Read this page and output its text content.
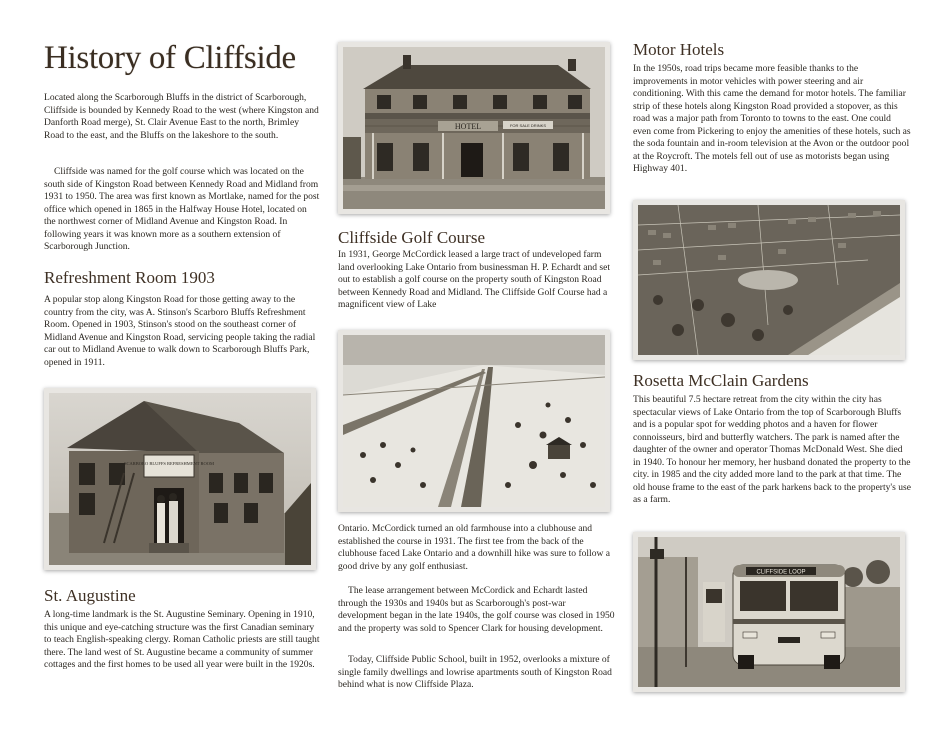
History of Cliffside

Located along the Scarborough Bluffs in the district of Scarborough, Cliffside is bounded by Kennedy Road to the west (where Kingston and Danforth Road merge), St. Clair Avenue East to the north, Brimley Road to the east, and the Bluffs on the lakeshore to the south.

Cliffside was named for the golf course which was located on the south side of Kingston Road between Kennedy Road and Midland from 1931 to 1950. The area was first known as Mortlake, named for the post office which opened in 1865 in the Halfway House Hotel, located on the northwest corner of Midland Avenue and Kingston Road. In following years it was known more as a southern extension of Scarborough Junction.

Refreshment Room 1903

A popular stop along Kingston Road for those getting away to the country from the city, was A. Stinson's Scarboro Bluffs Refreshment Room. Opened in 1903, Stinson's stood on the southeast corner of Midland Avenue and Kingston Road, servicing people taking the radial car out to Midland Avenue to walk down to Scarborough Bluffs Park, opened in 1911.

SCARBORO BLUFFS REFRESHMENT ROOM
St. Augustine

A long-time landmark is the St. Augustine Seminary. Opening in 1910, this unique and eye-catching structure was the first Canadian seminary to teach English-speaking clergy. Roman Catholic priests are still taught there. The land west of St. Augustine became a community of summer cottages and the first homes to be used all year were built in the 1920s.

HOTEL	FOR SALE DRINKS
Cliffside Golf Course

In 1931, George McCordick leased a large tract of undeveloped farm land overlooking Lake Ontario from businessman H. P. Echardt and set out to establish a golf course on the property south of Kingston Road between Kennedy Road and Midland. The Cliffside Golf Course had a magnificent view of Lake

Ontario. McCordick turned an old farmhouse into a clubhouse and established the course in 1931. The first tee from the back of the clubhouse faced Lake Ontario and a downhill hike was sure to follow a good drive by any golf enthusiast.

The lease arrangement between McCordick and Echardt lasted through the 1930s and 1940s but as Scarborough's post-war development began in the late 1940s, the golf course was closed in 1950 and the property was sold to Spencer Clark for housing development.

Today, Cliffside Public School, built in 1952, overlooks a mixture of single family dwellings and lowrise apartments south of Kingston Road behind what is now Cliffside Plaza.

Motor Hotels

In the 1950s, road trips became more feasible thanks to the improvements in motor vehicles with power steering and air conditioning. With this came the demand for motor hotels. The familiar strip of these hotels along Kingston Road provided a stopover, as this road was a major path from Toronto to towns to the east. One could even come from Pickering to enjoy the amenities of these hotels, such as the soda fountain and in-room television at the Avon or the outdoor pool at the Roycroft. The motels fell out of use as motorists began using Highway 401.

Rosetta McClain Gardens

This beautiful 7.5 hectare retreat from the city within the city has spectacular views of Lake Ontario from the top of Scarborough Bluffs and is a popular spot for wedding photos and a haven for flower connoisseurs, bird and butterfly watchers. The park is named after the daughter of the owner and operator Thomas McDonald West. She died in 1940. To honour her memory, her husband donated the property to the city. in 1985 and the city added more land to the park at that time. The old house frame to the east of the park harkens back to the property's use as a farm.

CLIFFSIDE LOOP
